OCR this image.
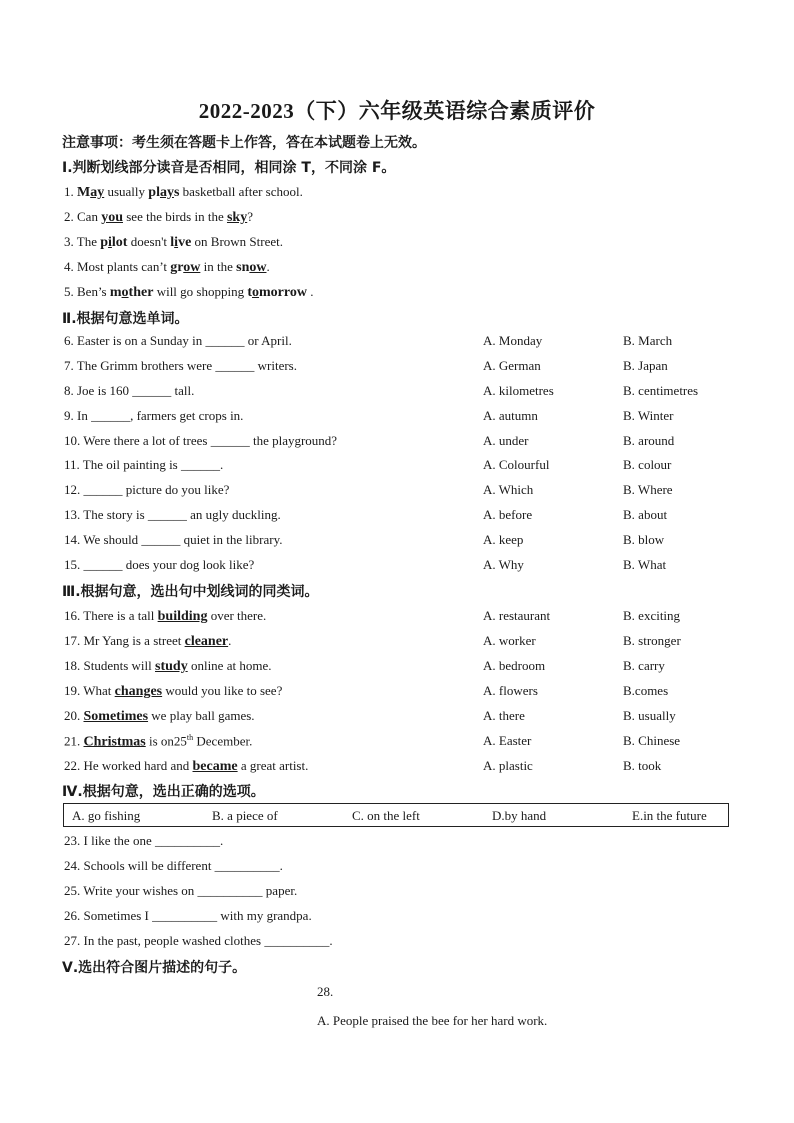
2022-2023（下）六年级英语综合素质评价
注意事项：考生须在答题卡上作答，答在本试题卷上无效。
Ⅰ.判断划线部分读音是否相同，相同涂 T，不同涂 F。
1. May usually plays basketball after school.
2. Can you see the birds in the sky?
3. The pilot doesn't live on Brown Street.
4. Most plants can’t grow in the snow.
5. Ben’s mother will go shopping tomorrow .
Ⅱ.根据句意选单词。
6. Easter is on a Sunday in ______ or April.	A. Monday	B. March
7. The Grimm brothers were ______ writers.	A. German	B. Japan
8. Joe is 160 ______ tall.	A. kilometres	B. centimetres
9. In ______, farmers get crops in.	A. autumn	B. Winter
10. Were there a lot of trees ______ the playground?	A. under	B. around
11. The oil painting is ______.	A. Colourful	B. colour
12. ______ picture do you like?	A. Which	B. Where
13. The story is ______ an ugly duckling.	A. before	B. about
14. We should ______ quiet in the library.	A. keep	B. blow
15. ______ does your dog look like?	A. Why	B. What
Ⅲ.根据句意，选出句中划线词的同类词。
16. There is a tall building over there.	A. restaurant	B. exciting
17. Mr Yang is a street cleaner.	A. worker	B. stronger
18. Students will study online at home.	A. bedroom	B. carry
19. What changes would you like to see?	A. flowers	B.comes
20. Sometimes we play ball games.	A. there	B. usually
21. Christmas is on25th December.	A. Easter	B. Chinese
22. He worked hard and became a great artist.	A. plastic	B. took
Ⅳ.根据句意，选出正确的选项。
A. go fishing	B. a piece of	C. on the left	D.by hand	E.in the future
23. I like the one __________.
24. Schools will be different __________.
25. Write your wishes on __________ paper.
26. Sometimes I __________ with my grandpa.
27. In the past, people washed clothes __________.
Ⅴ.选出符合图片描述的句子。
28.
A. People praised the bee for her hard work.
